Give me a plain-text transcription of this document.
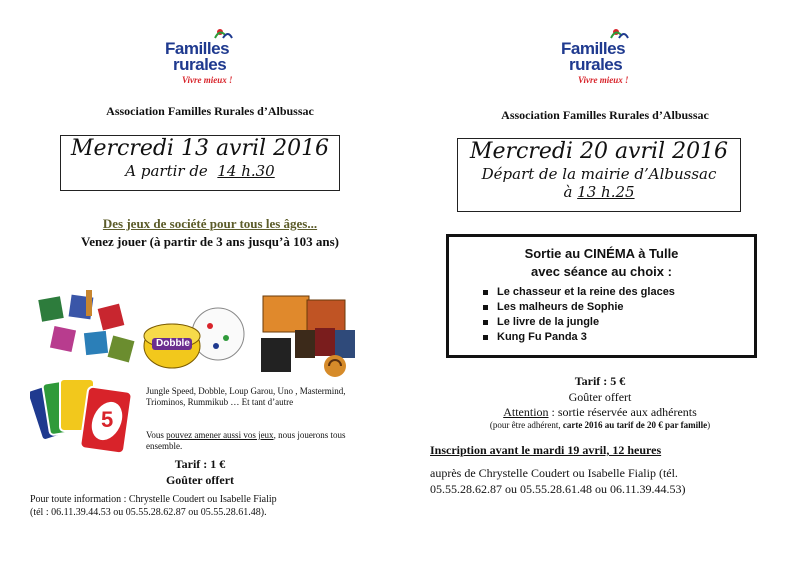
Familles
rurales
Vivre mieux !
Association Familles Rurales d’Albussac
Mercredi 13 avril 2016
A partir de 14 h.30
Des jeux de société pour tous les âges...
Venez jouer (à partir de 3 ans jusqu’à 103 ans)
Dobble
5
Jungle Speed, Dobble, Loup Garou, Uno , Mastermind, Triominos, Rummikub … Et tant d’autre
Vous pouvez amener aussi vos jeux, nous jouerons tous ensemble.
Tarif : 1 €
Goûter offert
Pour toute information : Chrystelle Coudert ou Isabelle Fialip
(tél : 06.11.39.44.53 ou 05.55.28.62.87 ou 05.55.28.61.48).
Familles
rurales
Vivre mieux !
Association Familles Rurales d’Albussac
Mercredi 20 avril 2016
Départ de la mairie d’Albussac
à 13 h.25
Sortie au CINÉMA à Tulle
avec séance au choix :
Le chasseur et la reine des glaces
Les malheurs de Sophie
Le livre de la jungle
Kung Fu Panda 3
Tarif : 5 €
Goûter offert
Attention : sortie réservée aux adhérents
(pour être adhérent, carte 2016 au tarif de 20 € par famille)
Inscription avant le mardi 19 avril, 12 heures
auprès de Chrystelle Coudert ou Isabelle Fialip (tél.
05.55.28.62.87 ou 05.55.28.61.48 ou 06.11.39.44.53)
